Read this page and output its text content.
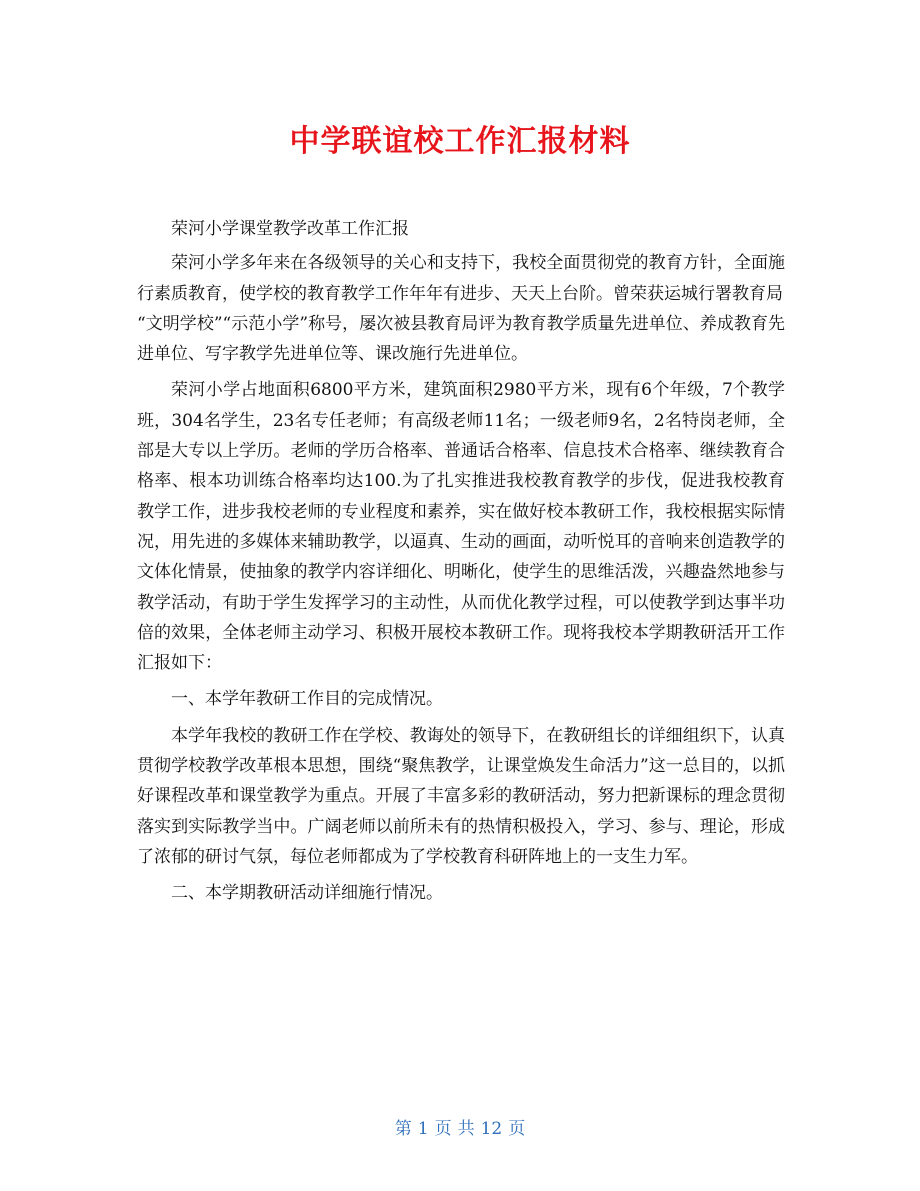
中学联谊校工作汇报材料

荣河小学课堂教学改革工作汇报

荣河小学多年来在各级领导的关心和支持下，我校全面贯彻党的教育方针，全面施行素质教育，使学校的教育教学工作年年有进步、天天上台阶。曾荣获运城行署教育局

“文明学校”“示范小学”称号，屡次被县教育局评为教育教学质量先进单位、养成教育先进单位、写字教学先进单位等、课改施行先进单位。

荣河小学占地面积6800平方米，建筑面积2980平方米，现有6个年级，7个教学班，304名学生，23名专任老师；有高级老师11名；一级老师9名，2名特岗老师，全部是大专以上学历。老师的学历合格率、普通话合格率、信息技术合格率、继续教育合格率、根本功训练合格率均达100.为了扎实推进我校教育教学的步伐，促进我校教育教学工作，进步我校老师的专业程度和素养，实在做好校本教研工作，我校根据实际情况，用先进的多媒体来辅助教学，以逼真、生动的画面，动听悦耳的音响来创造教学的文体化情景，使抽象的教学内容详细化、明晰化，使学生的思维活泼，兴趣盎然地参与教学活动，有助于学生发挥学习的主动性，从而优化教学过程，可以使教学到达事半功倍的效果，全体老师主动学习、积极开展校本教研工作。现将我校本学期教研活开工作汇报如下：

一、本学年教研工作目的完成情况。

本学年我校的教研工作在学校、教诲处的领导下，在教研组长的详细组织下，认真贯彻学校教学改革根本思想，围绕“聚焦教学，让课堂焕发生命活力”这一总目的，以抓好课程改革和课堂教学为重点。开展了丰富多彩的教研活动，努力把新课标的理念贯彻落实到实际教学当中。广阔老师以前所未有的热情积极投入，学习、参与、理论，形成了浓郁的研讨气氛，每位老师都成为了学校教育科研阵地上的一支生力军。

二、本学期教研活动详细施行情况。

第 1 页 共 12 页
